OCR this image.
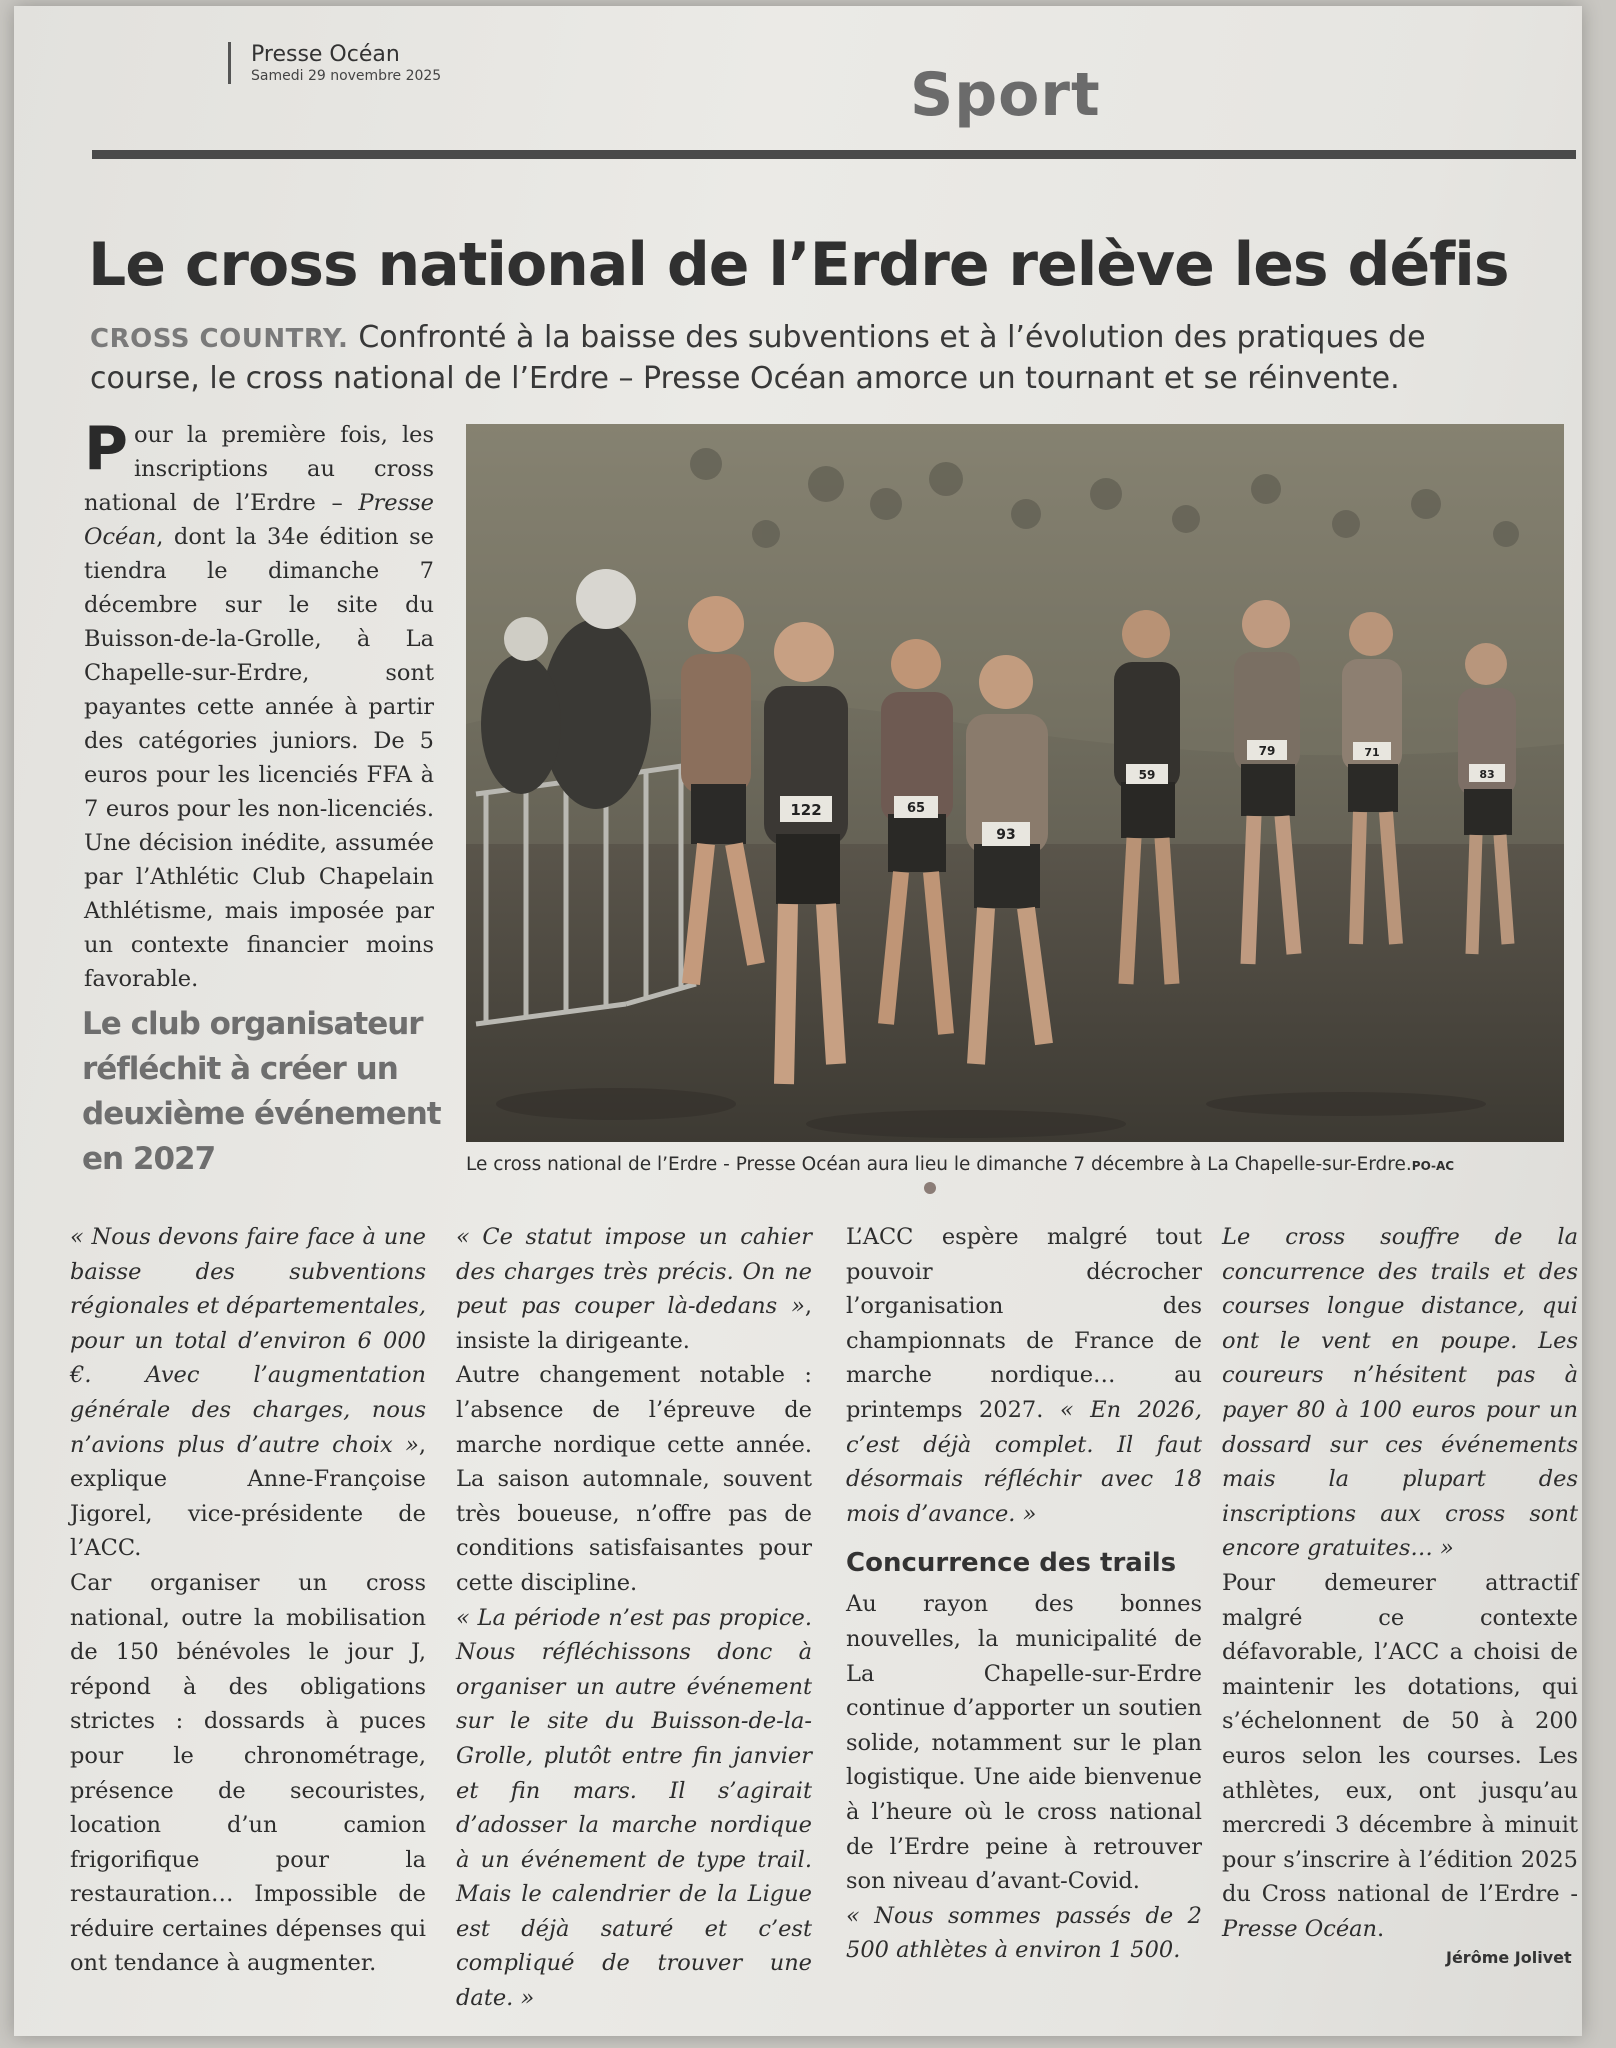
Presse Océan
Samedi 29 novembre 2025	Sport
Le cross national de l’Erdre relève les défis
CROSS COUNTRY. Confronté à la baisse des subventions et à l’évolution des pratiques de course, le cross national de l’Erdre – Presse Océan amorce un tournant et se réinvente.
Pour la première fois, les inscriptions au cross national de l’Erdre – Presse Océan, dont la 34e édition se tiendra le dimanche 7 décembre sur le site du Buisson-de-la-Grolle, à La Chapelle-sur-Erdre, sont payantes cette année à partir des catégories juniors. De 5 euros pour les licenciés FFA à 7 euros pour les non-licenciés. Une décision inédite, assumée par l’Athlétic Club Chapelain Athlétisme, mais imposée par un contexte financier moins favorable.
Le club organisateur réfléchit à créer un deuxième événement en 2027
122	65
93
59
79	71
83
Le cross national de l’Erdre - Presse Océan aura lieu le dimanche 7 décembre à La Chapelle-sur-Erdre.PO-AC

« Nous devons faire face à une baisse des subventions régionales et départementales, pour un total d’environ 6 000 €. Avec l’augmentation générale des charges, nous n’avions plus d’autre choix », explique Anne-Françoise Jigorel, vice-présidente de l’ACC.

Car organiser un cross national, outre la mobilisation de 150 bénévoles le jour J, répond à des obligations strictes : dossards à puces pour le chronométrage, présence de secouristes, location d’un camion frigorifique pour la restauration… Impossible de réduire certaines dépenses qui ont tendance à augmenter.

« Ce statut impose un cahier des charges très précis. On ne peut pas couper là-dedans », insiste la dirigeante.

Autre changement notable : l’absence de l’épreuve de marche nordique cette année. La saison automnale, souvent très boueuse, n’offre pas de conditions satisfaisantes pour cette discipline.

« La période n’est pas propice. Nous réfléchissons donc à organiser un autre événement sur le site du Buisson-de-la-Grolle, plutôt entre fin janvier et fin mars. Il s’agirait d’adosser la marche nordique à un événement de type trail. Mais le calendrier de la Ligue est déjà saturé et c’est compliqué de trouver une date. »

L’ACC espère malgré tout pouvoir décrocher l’organisation des championnats de France de marche nordique… au printemps 2027. « En 2026, c’est déjà complet. Il faut désormais réfléchir avec 18 mois d’avance. »

Concurrence des trails

Au rayon des bonnes nouvelles, la municipalité de La Chapelle-sur-Erdre continue d’apporter un soutien solide, notamment sur le plan logistique. Une aide bienvenue à l’heure où le cross national de l’Erdre peine à retrouver son niveau d’avant-Covid.

« Nous sommes passés de 2 500 athlètes à environ 1 500.

Le cross souffre de la concurrence des trails et des courses longue distance, qui ont le vent en poupe. Les coureurs n’hésitent pas à payer 80 à 100 euros pour un dossard sur ces événements mais la plupart des inscriptions aux cross sont encore gratuites… »

Pour demeurer attractif malgré ce contexte défavorable, l’ACC a choisi de maintenir les dotations, qui s’échelonnent de 50 à 200 euros selon les courses. Les athlètes, eux, ont jusqu’au mercredi 3 décembre à minuit pour s’inscrire à l’édition 2025 du Cross national de l’Erdre - Presse Océan.

Jérôme Jolivet
